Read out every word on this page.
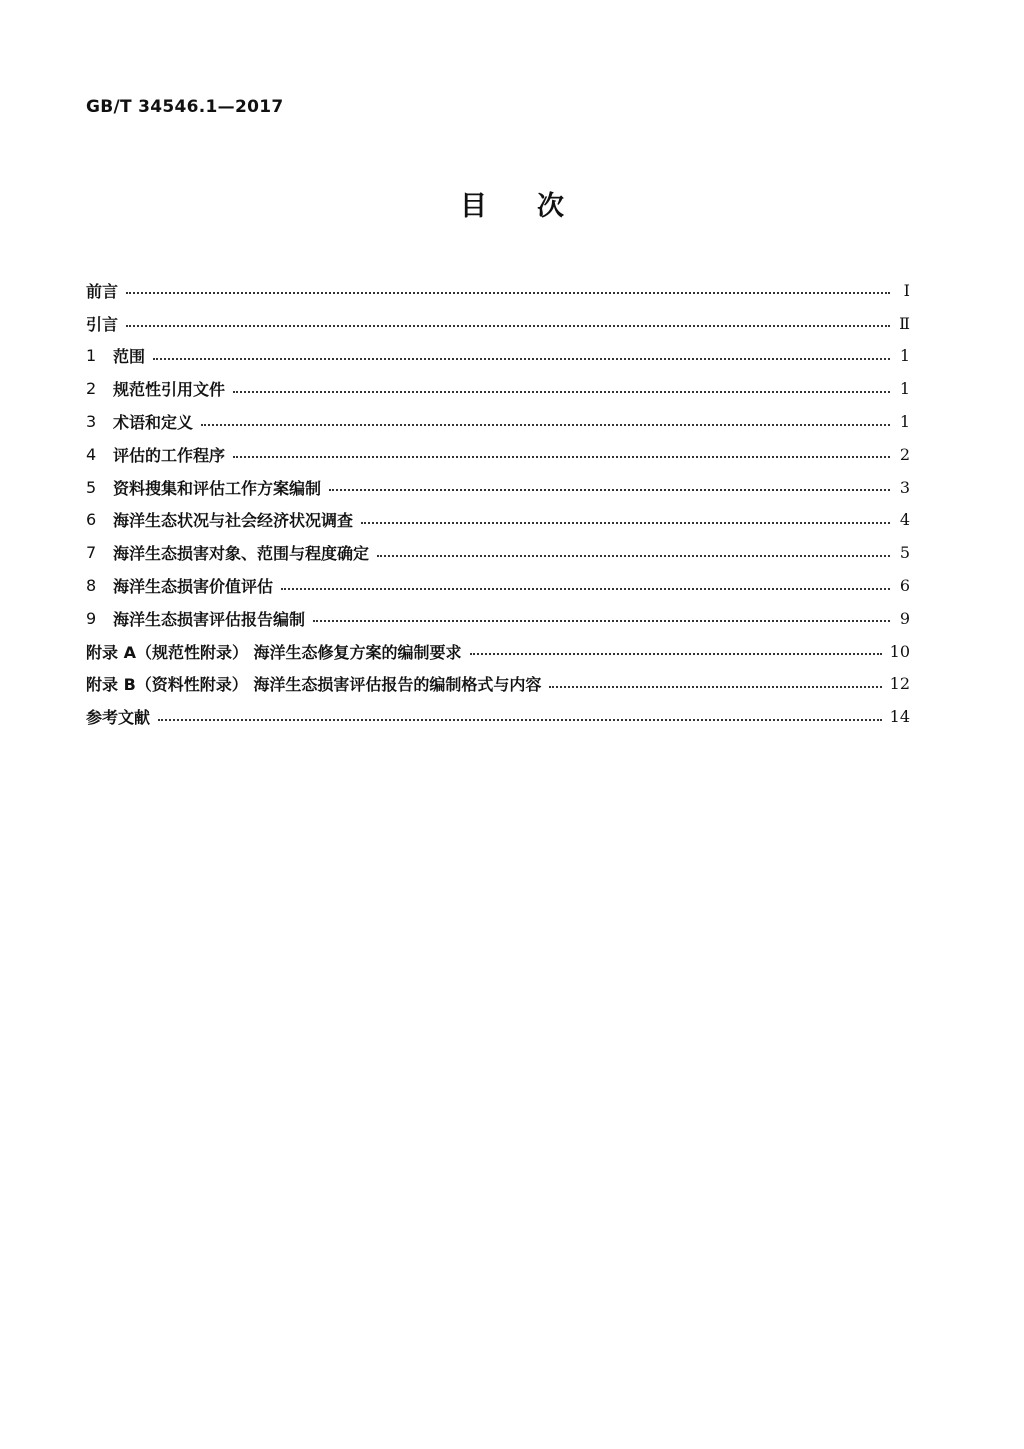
GB/T 34546.1—2017
目 次
前言	Ⅰ
引言	Ⅱ
1	范围	1
2	规范性引用文件	1
3	术语和定义	1
4	评估的工作程序	2
5	资料搜集和评估工作方案编制	3
6	海洋生态状况与社会经济状况调查	4
7	海洋生态损害对象、范围与程度确定	5
8	海洋生态损害价值评估	6
9	海洋生态损害评估报告编制	9
附录 A（规范性附录） 海洋生态修复方案的编制要求	10
附录 B（资料性附录） 海洋生态损害评估报告的编制格式与内容	12
参考文献	14
